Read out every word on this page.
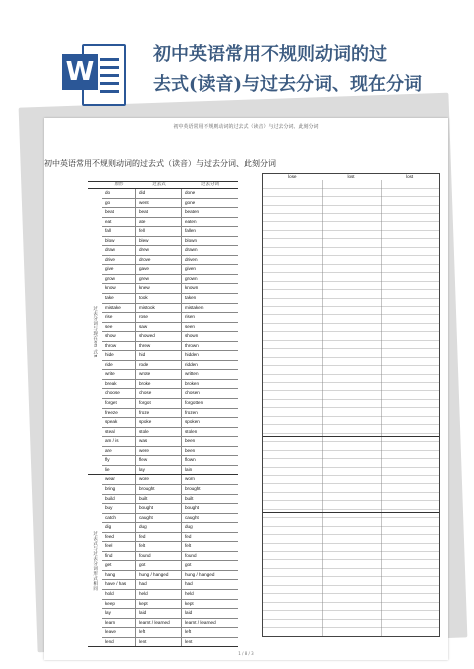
W
初中英语常用不规则动词的过
去式(读音)与过去分词、现在分词
初中英语常用不规则动词的过去式（读音）与过去分词、此刻分词
初中英语常用不规则动词的过去式（读音）与过去分词、此刻分词
原形	过去式	过去分词
过去分词与现在en 式n
do	did	done
go	went	gone
beat	beat	beaten
eat	ate	eaten
fall	fell	fallen
blow	blew	blown
draw	drew	drawn
drive	drove	driven
give	gave	given
grow	grew	grown
know	knew	known
take	took	taken
mistake	mistook	mistaken
rise	rose	risen
see	saw	seen
show	showed	shown
throw	threw	thrown
hide	hid	hidden
ride	rode	ridden
write	wrote	written
break	broke	broken
choose	chose	chosen
forget	forgot	forgotten
freeze	froze	frozen
speak	spoke	spoken
steal	stole	stolen
am / is	was	been
are	were	been
fly	flew	flown
lie	lay	lain
过去式与过去分词形式相同
wear	wore	worn
bring	brought	brought
build	built	built
buy	bought	bought
catch	caught	caught
dig	dug	dug
feed	fed	fed
feel	felt	felt
find	found	found
get	got	got
hang	hung / hanged	hung / hanged
have / has	had	had
hold	held	held
keep	kept	kept
lay	laid	laid
learn	learnt / learned	learnt / learned
leave	left	left
lend	lent	lent
lose	lost	lost
1 / 8 / 3
